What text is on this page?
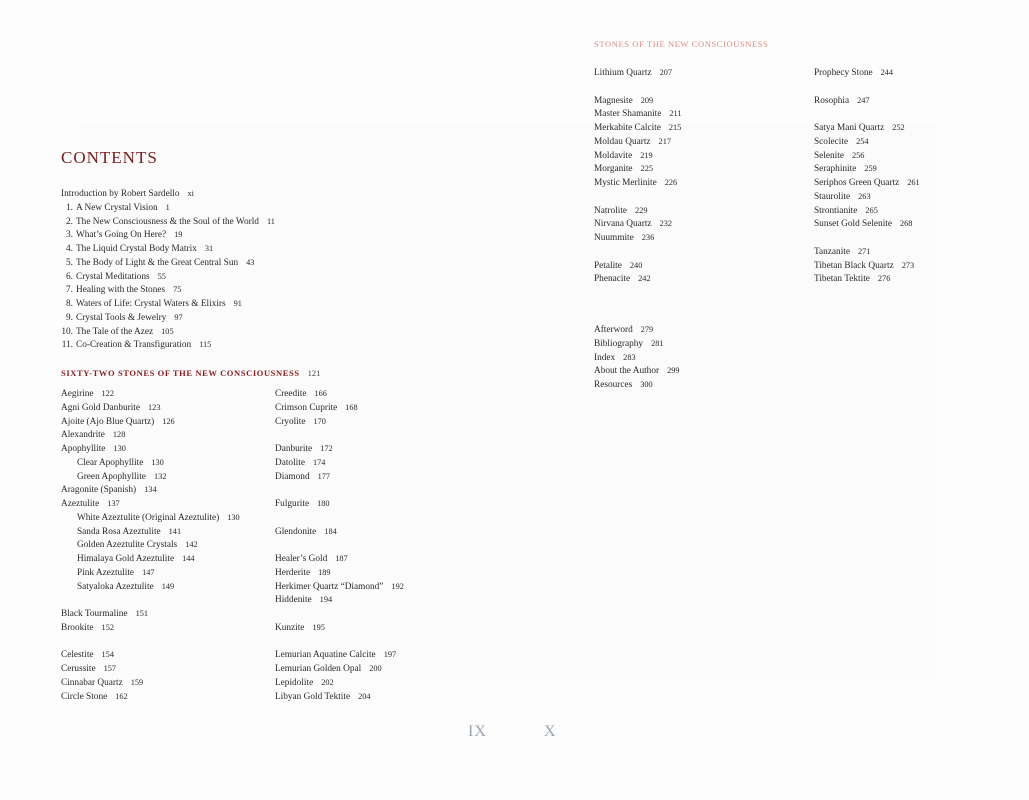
CONTENTS
Introduction by Robert Sardello xi
1. A New Crystal Vision 1
2. The New Consciousness & the Soul of the World 11
3. What’s Going On Here? 19
4. The Liquid Crystal Body Matrix 31
5. The Body of Light & the Great Central Sun 43
6. Crystal Meditations 55
7. Healing with the Stones 75
8. Waters of Life: Crystal Waters & Elixirs 91
9. Crystal Tools & Jewelry 97
10. The Tale of the Azez 105
11. Co-Creation & Transfiguration 115
SIXTY-TWO STONES OF THE NEW CONSCIOUSNESS 121
Aegirine 122
Agni Gold Danburite 123
Ajoite (Ajo Blue Quartz) 126
Alexandrite 128
Apophyllite 130
Clear Apophyllite 130
Green Apophyllite 132
Aragonite (Spanish) 134
Azeztulite 137
White Azeztulite (Original Azeztulite) 130
Sanda Rosa Azeztulite 141
Golden Azeztulite Crystals 142
Himalaya Gold Azeztulite 144
Pink Azeztulite 147
Satyaloka Azeztulite 149
Black Tourmaline 151
Brookite 152
Celestite 154
Cerussite 157
Cinnabar Quartz 159
Circle Stone 162
Creedite 166
Crimson Cuprite 168
Cryolite 170
Danburite 172
Datolite 174
Diamond 177
Fulgurite 180
Glendonite 184
Healer’s Gold 187
Herderite 189
Herkimer Quartz “Diamond” 192
Hiddenite 194
Kunzite 195
Lemurian Aquatine Calcite 197
Lemurian Golden Opal 200
Lepidolite 202
Libyan Gold Tektite 204
STONES OF THE NEW CONSCIOUSNESS
Lithium Quartz 207
Magnesite 209
Master Shamanite 211
Merkabite Calcite 215
Moldau Quartz 217
Moldavite 219
Morganite 225
Mystic Merlinite 226
Natrolite 229
Nirvana Quartz 232
Nuummite 236
Petalite 240
Phenacite 242
Prophecy Stone 244
Rosophia 247
Satya Mani Quartz 252
Scolecite 254
Selenite 256
Seraphinite 259
Seriphos Green Quartz 261
Staurolite 263
Strontianite 265
Sunset Gold Selenite 268
Tanzanite 271
Tibetan Black Quartz 273
Tibetan Tektite 276
Afterword 279
Bibliography 281
Index 283
About the Author 299
Resources 300
IX	X
